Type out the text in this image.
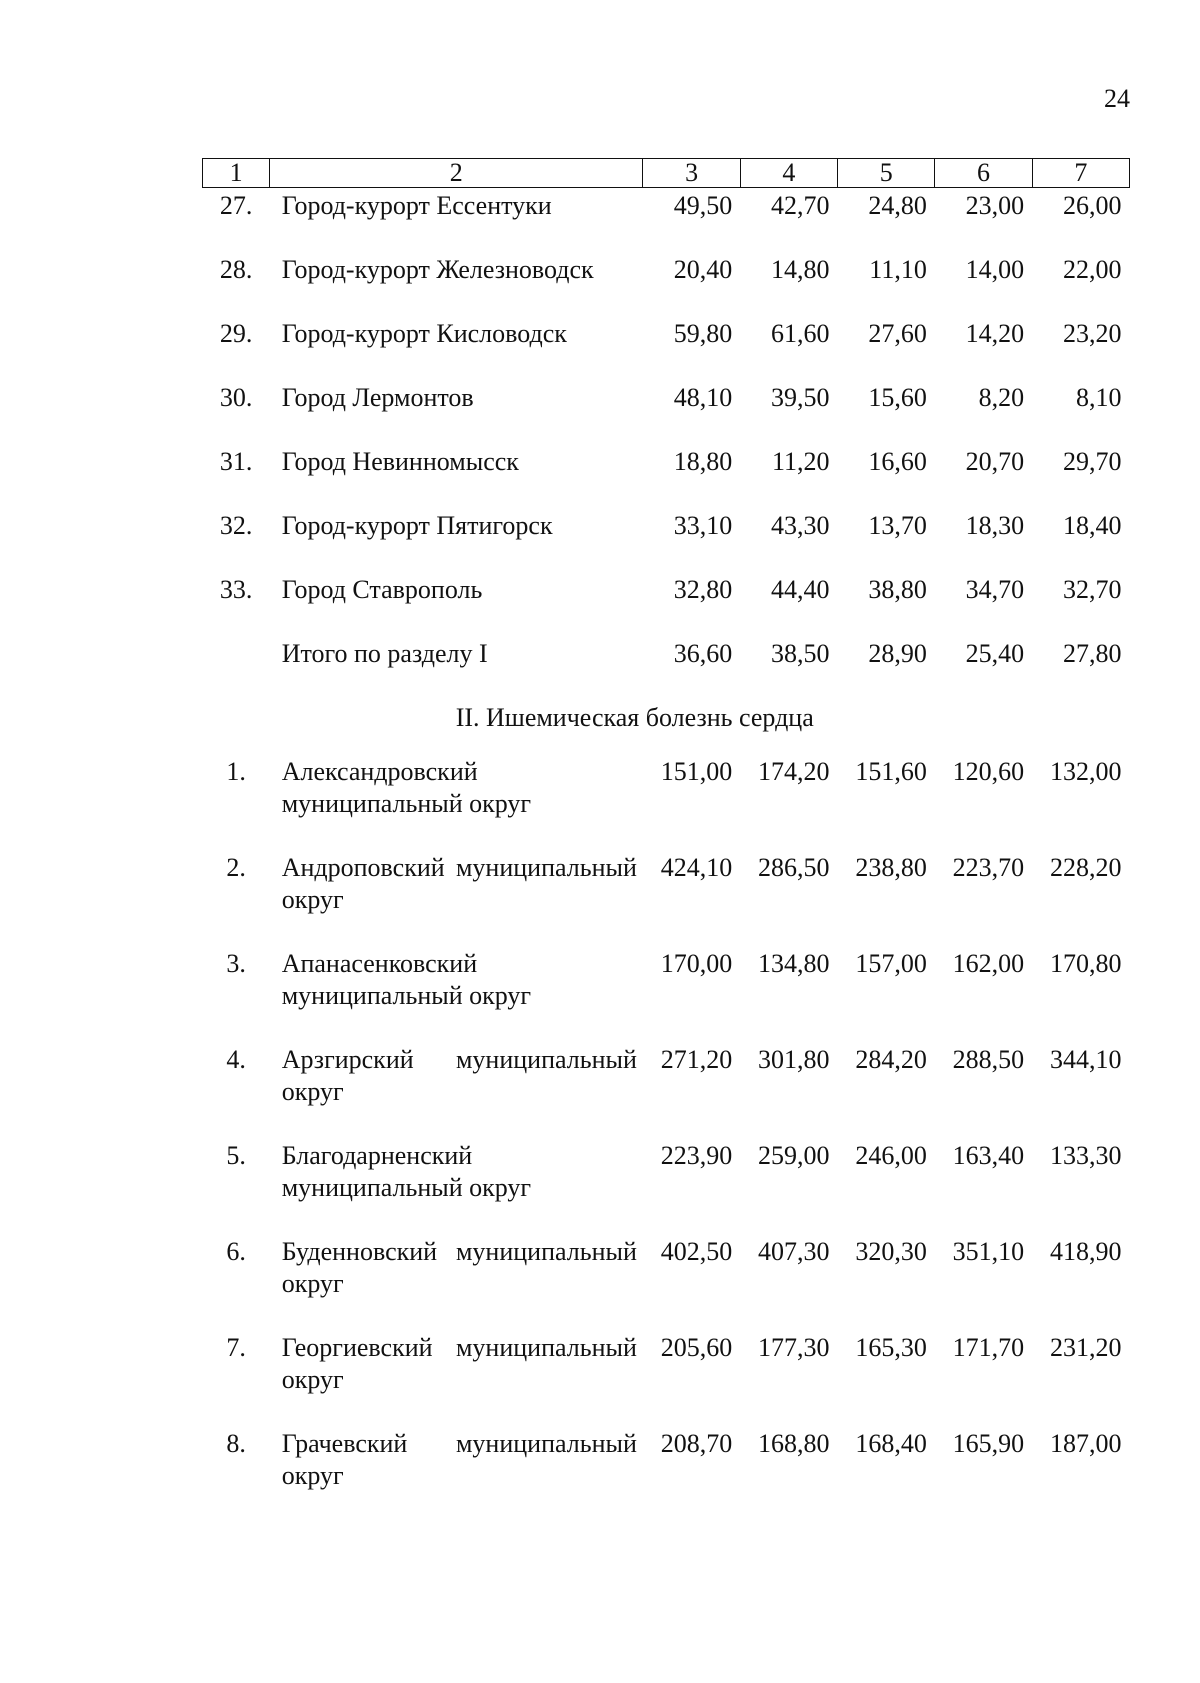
24
1	2	3	4	5	6	7
27.	Город-курорт Ессентуки	49,50	42,70	24,80	23,00	26,00
28.	Город-курорт Железноводск	20,40	14,80	11,10	14,00	22,00
29.	Город-курорт Кисловодск	59,80	61,60	27,60	14,20	23,20
30.	Город Лермонтов	48,10	39,50	15,60	8,20	8,10
31.	Город Невинномысск	18,80	11,20	16,60	20,70	29,70
32.	Город-курорт Пятигорск	33,10	43,30	13,70	18,30	18,40
33.	Город Ставрополь	32,80	44,40	38,80	34,70	32,70
	Итого по разделу I	36,60	38,50	28,90	25,40	27,80
	II. Ишемическая болезнь сердца					
1.	Александровский муниципальный округ	151,00	174,20	151,60	120,60	132,00
2.	Андроповский муниципальный округ	424,10	286,50	238,80	223,70	228,20
3.	Апанасенковский муниципальный округ	170,00	134,80	157,00	162,00	170,80
4.	Арзгирский муниципальный округ	271,20	301,80	284,20	288,50	344,10
5.	Благодарненский муниципальный округ	223,90	259,00	246,00	163,40	133,30
6.	Буденновский муниципальный округ	402,50	407,30	320,30	351,10	418,90
7.	Георгиевский муниципальный округ	205,60	177,30	165,30	171,70	231,20
8.	Грачевский муниципальный округ	208,70	168,80	168,40	165,90	187,00
